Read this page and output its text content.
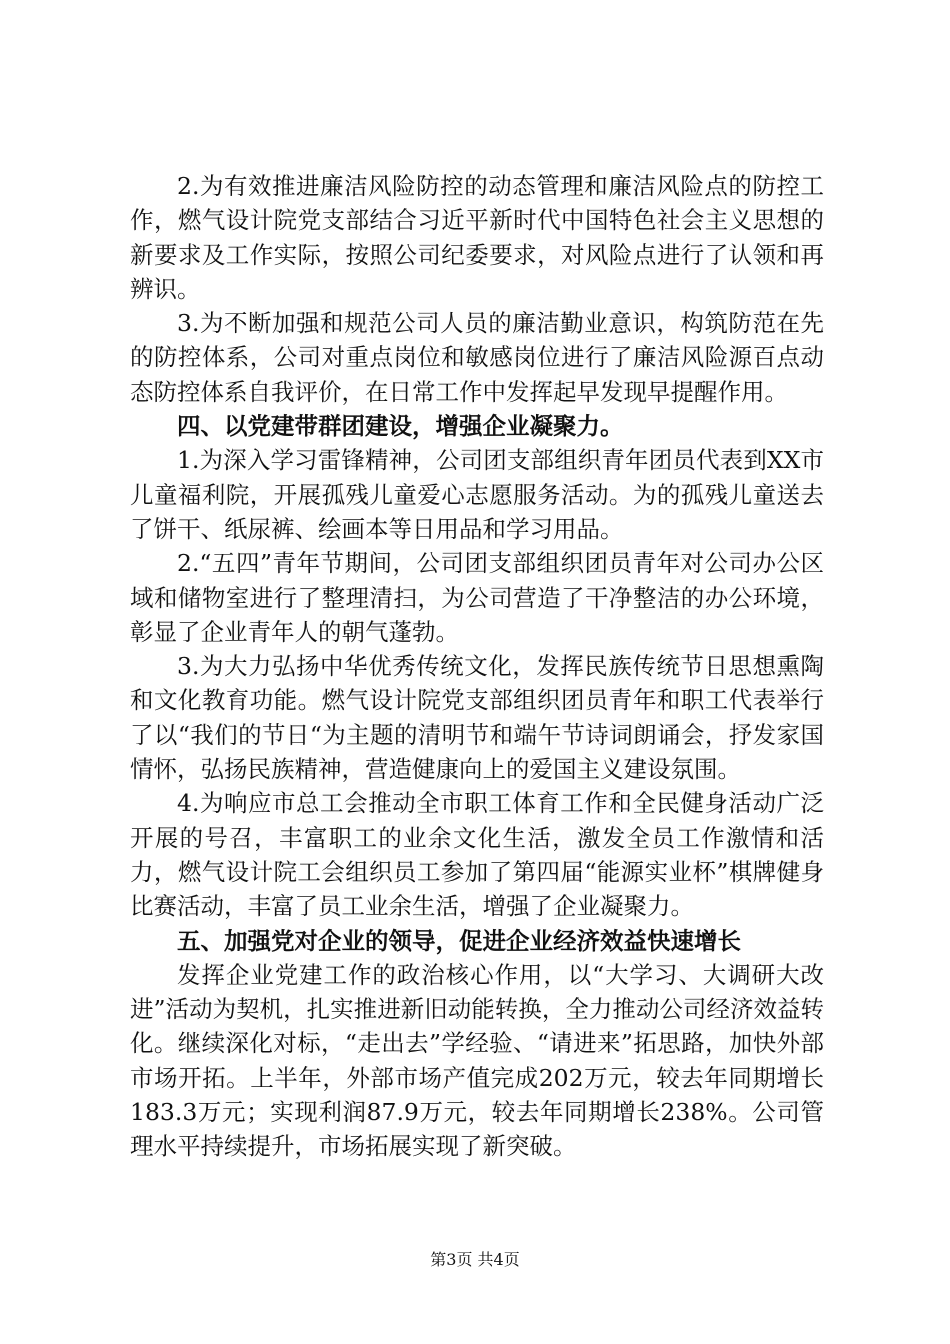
2.为有效推进廉洁风险防控的动态管理和廉洁风险点的防控工作，燃气设计院党支部结合习近平新时代中国特色社会主义思想的新要求及工作实际，按照公司纪委要求，对风险点进行了认领和再辨识。

3.为不断加强和规范公司人员的廉洁勤业意识，构筑防范在先的防控体系，公司对重点岗位和敏感岗位进行了廉洁风险源百点动态防控体系自我评价，在日常工作中发挥起早发现早提醒作用。

四、以党建带群团建设，增强企业凝聚力。

1.为深入学习雷锋精神，公司团支部组织青年团员代表到XX市儿童福利院，开展孤残儿童爱心志愿服务活动。为的孤残儿童送去了饼干、纸尿裤、绘画本等日用品和学习用品。

2.“五四”青年节期间，公司团支部组织团员青年对公司办公区域和储物室进行了整理清扫，为公司营造了干净整洁的办公环境，彰显了企业青年人的朝气蓬勃。

3.为大力弘扬中华优秀传统文化，发挥民族传统节日思想熏陶和文化教育功能。燃气设计院党支部组织团员青年和职工代表举行了以“我们的节日“为主题的清明节和端午节诗词朗诵会，抒发家国情怀，弘扬民族精神，营造健康向上的爱国主义建设氛围。

4.为响应市总工会推动全市职工体育工作和全民健身活动广泛开展的号召，丰富职工的业余文化生活，激发全员工作激情和活力，燃气设计院工会组织员工参加了第四届“能源实业杯”棋牌健身比赛活动，丰富了员工业余生活，增强了企业凝聚力。

五、加强党对企业的领导，促进企业经济效益快速增长

发挥企业党建工作的政治核心作用，以“大学习、大调研大改进”活动为契机，扎实推进新旧动能转换，全力推动公司经济效益转化。继续深化对标，“走出去”学经验、“请进来”拓思路，加快外部市场开拓。上半年，外部市场产值完成202万元，较去年同期增长183.3万元；实现利润87.9万元，较去年同期增长238%。公司管理水平持续提升，市场拓展实现了新突破。

第3页 共4页
